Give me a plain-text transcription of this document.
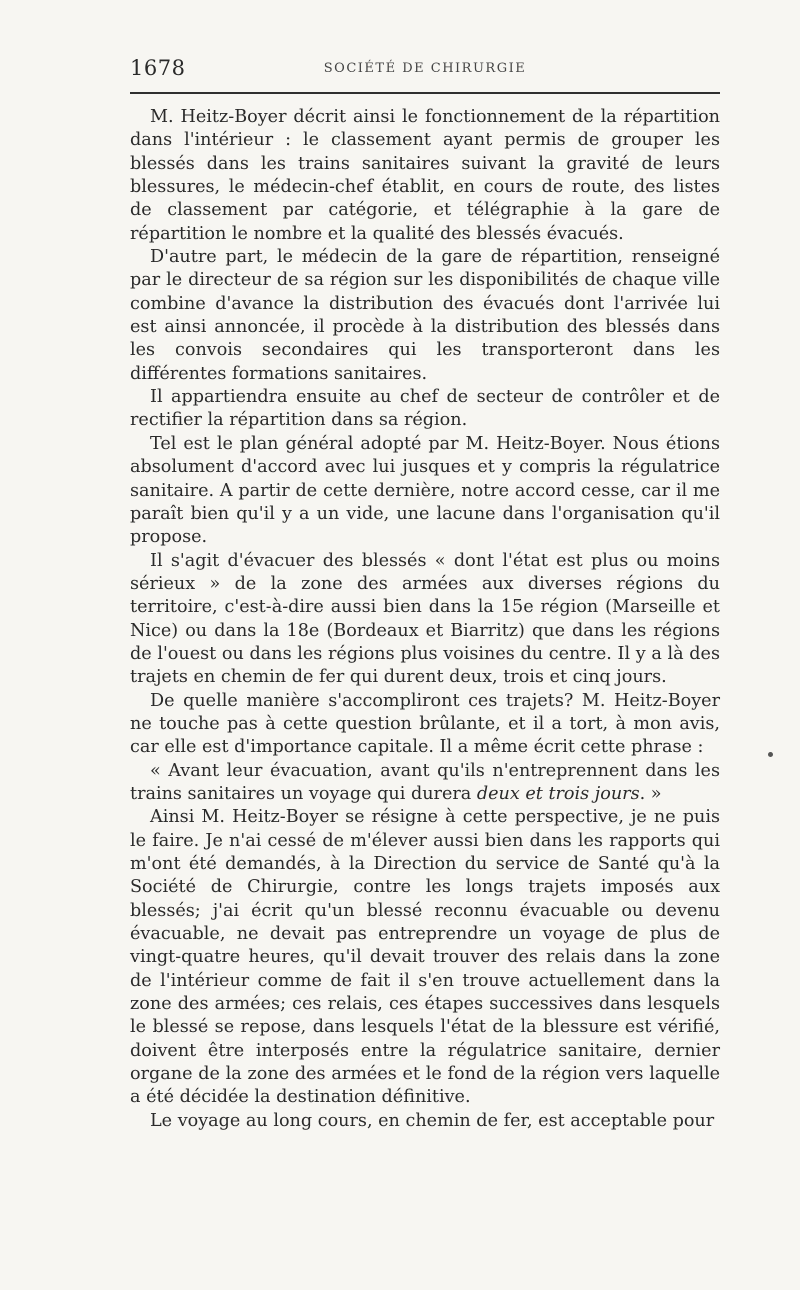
1678	SOCIÉTÉ DE CHIRURGIE

M. Heitz-Boyer décrit ainsi le fonctionnement de la répartition dans l'intérieur : le classement ayant permis de grouper les blessés dans les trains sanitaires suivant la gravité de leurs blessures, le médecin-chef établit, en cours de route, des listes de classement par catégorie, et télégraphie à la gare de répartition le nombre et la qualité des blessés évacués.

D'autre part, le médecin de la gare de répartition, renseigné par le directeur de sa région sur les disponibilités de chaque ville combine d'avance la distribution des évacués dont l'arrivée lui est ainsi annoncée, il procède à la distribution des blessés dans les convois secondaires qui les transporteront dans les différentes formations sanitaires.

Il appartiendra ensuite au chef de secteur de contrôler et de rectifier la répartition dans sa région.

Tel est le plan général adopté par M. Heitz-Boyer. Nous étions absolument d'accord avec lui jusques et y compris la régulatrice sanitaire. A partir de cette dernière, notre accord cesse, car il me paraît bien qu'il y a un vide, une lacune dans l'organisation qu'il propose.

Il s'agit d'évacuer des blessés « dont l'état est plus ou moins sérieux » de la zone des armées aux diverses régions du territoire, c'est-à-dire aussi bien dans la 15e région (Marseille et Nice) ou dans la 18e (Bordeaux et Biarritz) que dans les régions de l'ouest ou dans les régions plus voisines du centre. Il y a là des trajets en chemin de fer qui durent deux, trois et cinq jours.

De quelle manière s'accompliront ces trajets? M. Heitz-Boyer ne touche pas à cette question brûlante, et il a tort, à mon avis, car elle est d'importance capitale. Il a même écrit cette phrase :

« Avant leur évacuation, avant qu'ils n'entreprennent dans les trains sanitaires un voyage qui durera deux et trois jours. »

Ainsi M. Heitz-Boyer se résigne à cette perspective, je ne puis le faire. Je n'ai cessé de m'élever aussi bien dans les rapports qui m'ont été demandés, à la Direction du service de Santé qu'à la Société de Chirurgie, contre les longs trajets imposés aux blessés; j'ai écrit qu'un blessé reconnu évacuable ou devenu évacuable, ne devait pas entreprendre un voyage de plus de vingt-quatre heures, qu'il devait trouver des relais dans la zone de l'intérieur comme de fait il s'en trouve actuellement dans la zone des armées; ces relais, ces étapes successives dans lesquels le blessé se repose, dans lesquels l'état de la blessure est vérifié, doivent être interposés entre la régulatrice sanitaire, dernier organe de la zone des armées et le fond de la région vers laquelle a été décidée la destination définitive.

Le voyage au long cours, en chemin de fer, est acceptable pour
